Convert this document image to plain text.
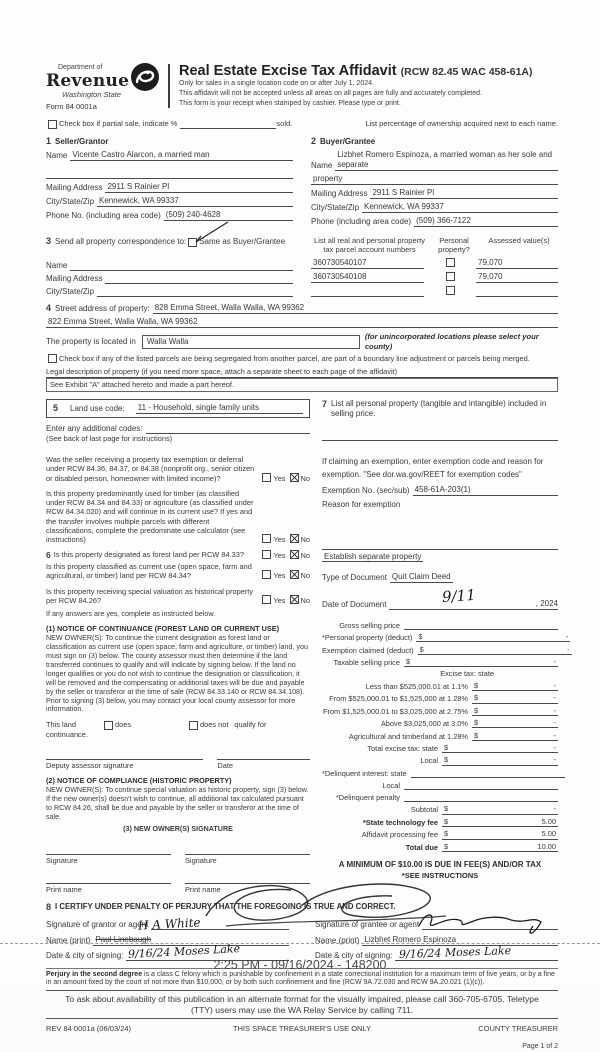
Department of
Revenue
Washington State
Form 84 0001a
Real Estate Excise Tax Affidavit (RCW 82.45 WAC 458-61A)
Only for sales in a single location code on or after July 1, 2024.
This affidavit will not be accepted unless all areas on all pages are fully and accurately completed.
This form is your receipt when stamped by cashier. Please type or print.
Check box if partial sale, indicate %	sold.	List percentage of ownership acquired next to each name.
1 Seller/Grantor
Name Vicente Castro Alarcon, a married man
Mailing Address 2911 S Rainier Pl
City/State/Zip Kennewick, WA 99337
Phone No. (including area code) (509) 240-4628
2 Buyer/Grantee
Name
Lizbhet Romero Espinoza, a married woman as her sole and separate
property
Mailing Address 2911 S Rainier Pl
City/State/Zip Kennewick, WA 99337
Phone (including area code) (509) 366-7122
3 Send all property correspondence to: Same as Buyer/Grantee
Name
Mailing Address
City/State/Zip
List all real and personal property tax parcel account numbers
Personal property?
Assessed value(s)
360730540107	79,070
360730540108	79,070
4 Street address of property: 828 Emma Street, Walla Walla, WA 99362
822 Emma Street, Walla Walla, WA 99362
The property is located in	Walla Walla	(for unincorporated locations please select your county)
Check box if any of the listed parcels are being segregated from another parcel, are part of a boundary line adjustment or parcels being merged.
Legal description of property (if you need more space, attach a separate sheet to each page of the affidavit)
See Exhibit "A" attached hereto and made a part hereof.
5	Land use code:	11 - Household, single family units
Enter any additional codes:
(See back of last page for instructions)
Was the seller receiving a property tax exemption or deferral under RCW 84.36, 84.37, or 84.38 (nonprofit org., senior citizen or disabled person, homeowner with limited income)?	Yes No
Is this property predominantly used for timber (as classified under RCW 84.34 and 84.33) or agriculture (as classified under RCW 84.34.020) and will continue in its current use? If yes and the transfer involves multiple parcels with different classifications, complete the predominate use calculator (see instructions)	Yes No
6 Is this property designated as forest land per RCW 84.33?	Yes No
Is this property classified as current use (open space, farm and agricultural, or timber) land per RCW 84.34?	Yes No
Is this property receiving special valuation as historical property per RCW 84.26?	Yes No
If any answers are yes, complete as instructed below.
(1) NOTICE OF CONTINUANCE (FOREST LAND OR CURRENT USE)
NEW OWNER(S): To continue the current designation as forest land or classification as current use (open space, farm and agriculture, or timber) land, you must sign on (3) below. The county assessor must then determine if the land transferred continues to qualify and will indicate by signing below. If the land no longer qualifies or you do not wish to continue the designation or classification, it will be removed and the compensating or additional taxes will be due and payable by the seller or transferor at the time of sale (RCW 84.33.140 or RCW 84.34.108). Prior to signing (3) below, you may contact your local county assessor for more information.
This land	does	does not qualify for
continuance.
Deputy assessor signature	Date
(2) NOTICE OF COMPLIANCE (HISTORIC PROPERTY)
NEW OWNER(S): To continue special valuation as historic property, sign (3) below. If the new owner(s) doesn't wish to continue, all additional tax calculated pursuant to RCW 84.26, shall be due and payable by the seller or transferor at the time of sale.
(3) NEW OWNER(S) SIGNATURE
Signature	Signature
Print name	Print name
7 List all personal property (tangible and intangible) included in selling price.
If claiming an exemption, enter exemption code and reason for
exemption. "See dor.wa.gov/REET for exemption codes"
Exemption No. (sec/sub) 458-61A-203(1)
Reason for exemption
Establish separate property
Type of Document Quit Claim Deed
Date of Document	9/11	, 2024
Gross selling price
*Personal property (deduct) $	-
Exemption claimed (deduct) $	-
Taxable selling price $	-
Excise tax: state
Less than $525,000.01 at 1.1% $	-
From $525,000.01 to $1,525,000 at 1.28% $	-
From $1,525,000.01 to $3,025,000 at 2.75% $	-
Above $3,025,000 at 3.0% $	-
Agricultural and timberland at 1.28% $	-
Total excise tax: state $	-
Local $	-
*Delinquent interest: state
Local
*Delinquent penalty
Subtotal $	-
*State technology fee $	5.00
Affidavit processing fee $	5.00
Total due $	10.00
A MINIMUM OF $10.00 IS DUE IN FEE(S) AND/OR TAX
*SEE INSTRUCTIONS
8 I CERTIFY UNDER PENALTY OF PERJURY THAT THE FOREGOING IS TRUE AND CORRECT.
Signature of grantor or agent
Name (print) Paul Linebaugh
H A White
Date & city of signing: 9/16/24 Moses Lake
Signature of grantee or agent
Name (print) Lizbhet Romero Espinoza
Date & city of signing: 9/16/24 Moses Lake
Perjury in the second degree is a class C felony which is punishable by confinement in a state correctional institution for a maximum term of five years, or by a fine in an amount fixed by the court of not more than $10,000, or by both such confinement and fine (RCW 9A.72.030 and RCW 9A.20.021 (1)(c)).
To ask about availability of this publication in an alternate format for the visually impaired, please call 360-705-6705. Teletype
(TTY) users may use the WA Relay Service by calling 711.
REV 84 0001a (06/03/24)	THIS SPACE TREASURER'S USE ONLY	COUNTY TREASURER
Page 1 of 2
2:25 PM - 09/16/2024 - 148200
